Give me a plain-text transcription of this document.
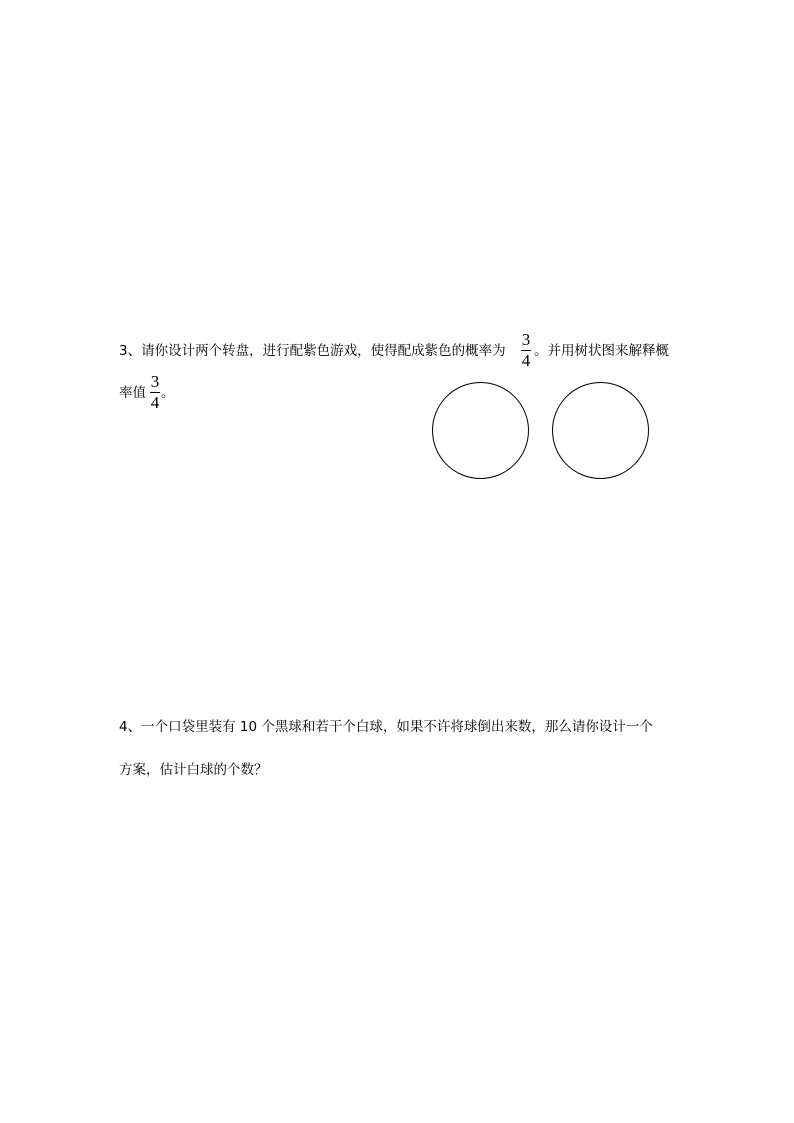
3、请你设计两个转盘，进行配紫色游戏，使得配成紫色的概率为
3
4 。并用树状图来解释概
率值
3
4 。
4、一个口袋里装有 10 个黑球和若干个白球，如果不许将球倒出来数，那么请你设计一个
方案，估计白球的个数？
